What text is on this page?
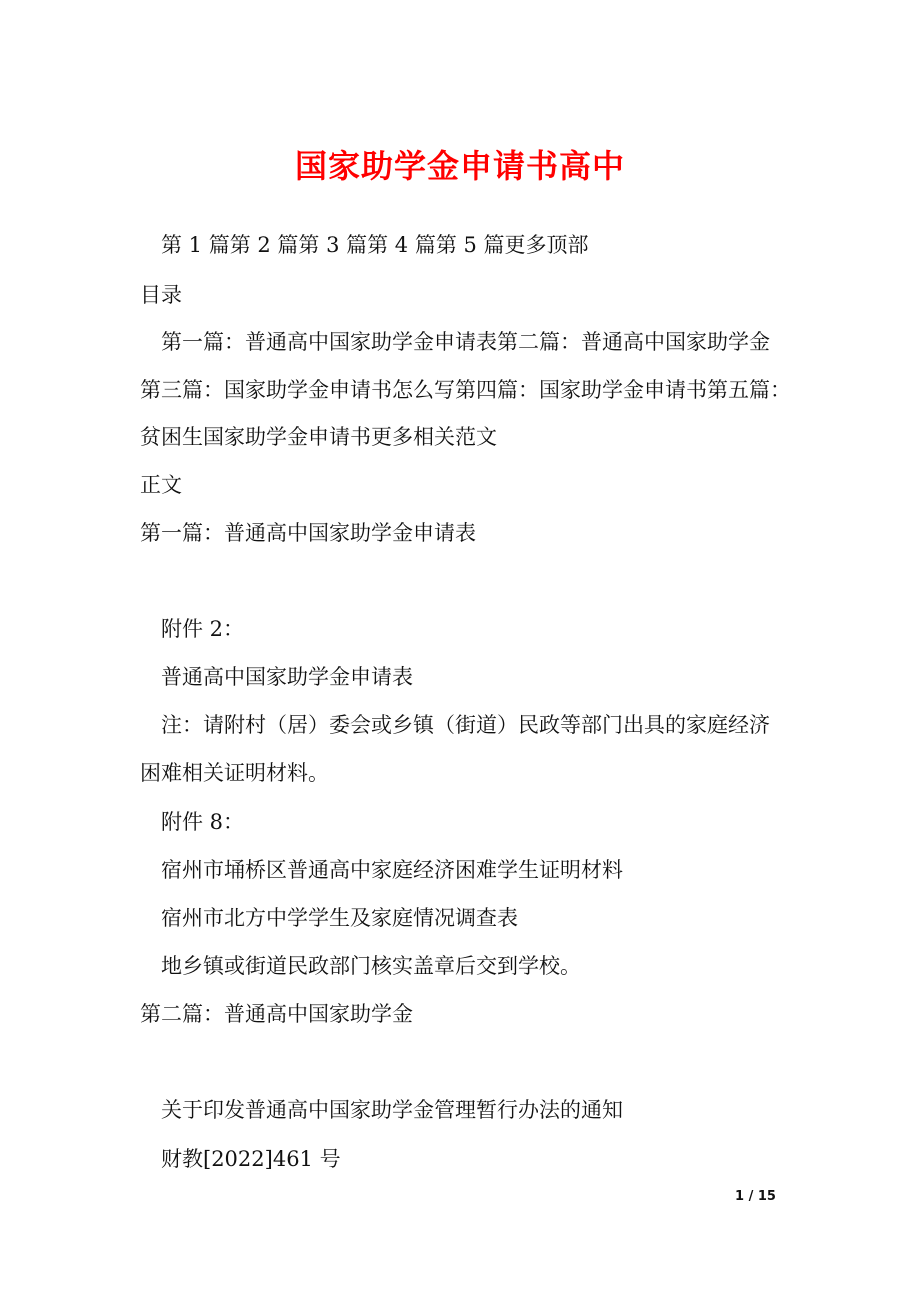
国家助学金申请书高中
第 1 篇第 2 篇第 3 篇第 4 篇第 5 篇更多顶部
目录
第一篇：普通高中国家助学金申请表第二篇：普通高中国家助学金
第三篇：国家助学金申请书怎么写第四篇：国家助学金申请书第五篇：
贫困生国家助学金申请书更多相关范文
正文
第一篇：普通高中国家助学金申请表
附件 2：
普通高中国家助学金申请表
注：请附村（居）委会或乡镇（街道）民政等部门出具的家庭经济
困难相关证明材料。
附件 8：
宿州市埇桥区普通高中家庭经济困难学生证明材料
宿州市北方中学学生及家庭情况调查表
地乡镇或街道民政部门核实盖章后交到学校。
第二篇：普通高中国家助学金
关于印发普通高中国家助学金管理暂行办法的通知
财教[2022]461 号
1 / 15
